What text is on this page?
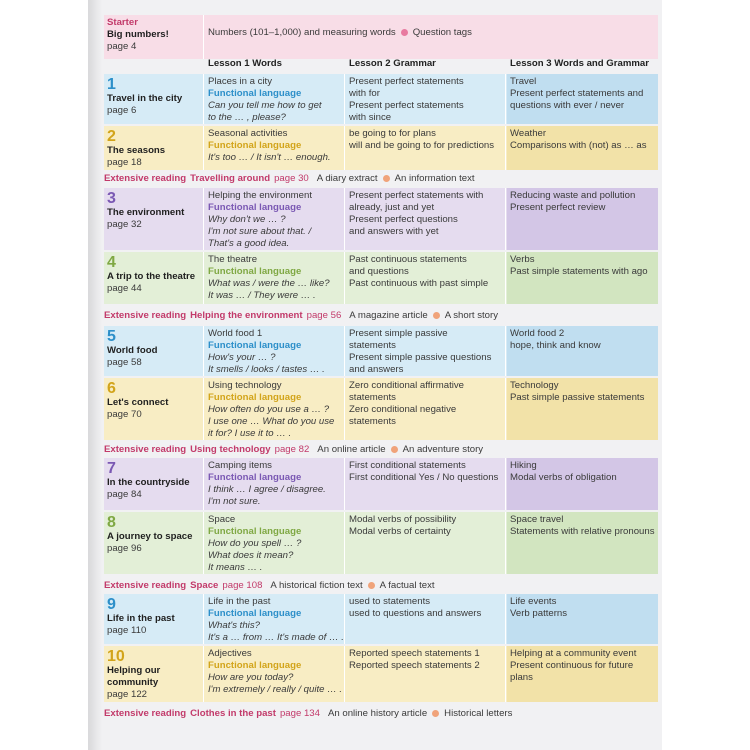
Starter
Big numbers!
page 4
Numbers (101–1,000) and measuring words Question tags
Lesson 1 Words	Lesson 2 Grammar	Lesson 3 Words and Grammar
1
Travel in the city
page 6
Places in a city
Functional language
Can you tell me how to get
to the … , please?
Present perfect statements
with for
Present perfect statements
with since
Travel
Present perfect statements and
questions with ever / never
2
The seasons
page 18
Seasonal activities
Functional language
It's too … / It isn't … enough.
be going to for plans
will and be going to for predictions
Weather
Comparisons with (not) as … as
3
The environment
page 32
Helping the environment
Functional language
Why don't we … ?
I'm not sure about that. /
That's a good idea.
Present perfect statements with
already, just and yet
Present perfect questions
and answers with yet
Reducing waste and pollution
Present perfect review
4
A trip to the theatre
page 44
The theatre
Functional language
What was / were the … like?
It was … / They were … .
Past continuous statements
and questions
Past continuous with past simple
Verbs
Past simple statements with ago
5
World food
page 58
World food 1
Functional language
How's your … ?
It smells / looks / tastes … .
Present simple passive
statements
Present simple passive questions
and answers
World food 2
hope, think and know
6
Let's connect
page 70
Using technology
Functional language
How often do you use a … ?
I use one … What do you use
it for? I use it to … .
Zero conditional affirmative
statements
Zero conditional negative
statements
Technology
Past simple passive statements
7
In the countryside
page 84
Camping items
Functional language
I think … I agree / disagree.
I'm not sure.
First conditional statements
First conditional Yes / No questions
Hiking
Modal verbs of obligation
8
A journey to space
page 96
Space
Functional language
How do you spell … ?
What does it mean?
It means … .
Modal verbs of possibility
Modal verbs of certainty
Space travel
Statements with relative pronouns
9
Life in the past
page 110
Life in the past
Functional language
What's this?
It's a … from … It's made of … .
used to statements
used to questions and answers
Life events
Verb patterns
10
Helping our community
page 122
Adjectives
Functional language
How are you today?
I'm extremely / really / quite … .
Reported speech statements 1
Reported speech statements 2
Helping at a community event
Present continuous for future
plans
Extensive reading Travelling around page 30 A diary extract An information text
Extensive reading Helping the environment page 56 A magazine article A short story
Extensive reading Using technology page 82 An online article An adventure story
Extensive reading Space page 108 A historical fiction text A factual text
Extensive reading Clothes in the past page 134 An online history article Historical letters
